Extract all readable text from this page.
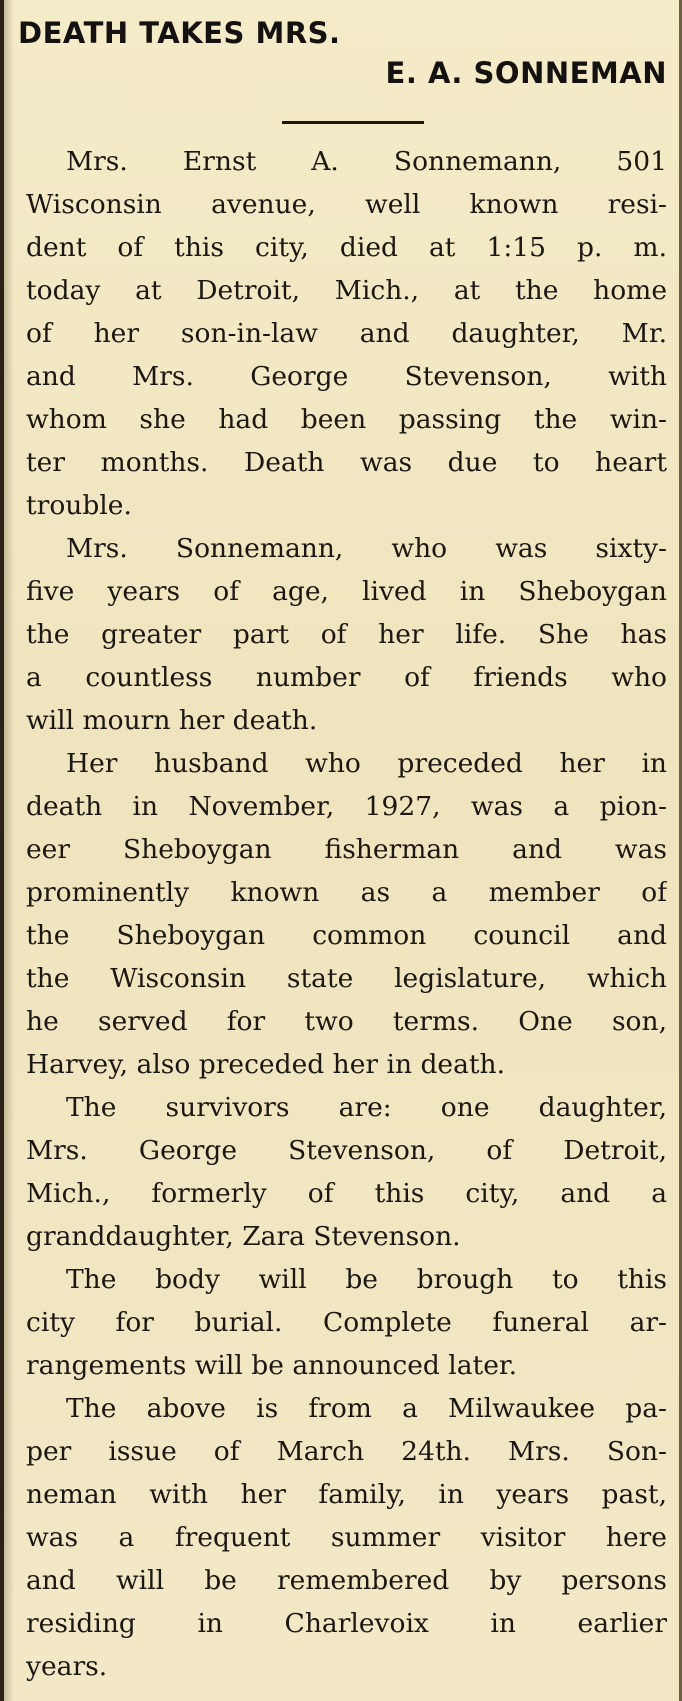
DEATH TAKES MRS.
E. A. SONNEMAN
Mrs. Ernst A. Sonnemann, 501
Wisconsin avenue, well known resi-
dent of this city, died at 1:15 p. m.
today at Detroit, Mich., at the home
of her son-in-law and daughter, Mr.
and Mrs. George Stevenson, with
whom she had been passing the win-
ter months. Death was due to heart
trouble.
Mrs. Sonnemann, who was sixty-
five years of age, lived in Sheboygan
the greater part of her life. She has
a countless number of friends who
will mourn her death.
Her husband who preceded her in
death in November, 1927, was a pion-
eer Sheboygan fisherman and was
prominently known as a member of
the Sheboygan common council and
the Wisconsin state legislature, which
he served for two terms. One son,
Harvey, also preceded her in death.
The survivors are: one daughter,
Mrs. George Stevenson, of Detroit,
Mich., formerly of this city, and a
granddaughter, Zara Stevenson.
The body will be brough to this
city for burial. Complete funeral ar-
rangements will be announced later.
The above is from a Milwaukee pa-
per issue of March 24th. Mrs. Son-
neman with her family, in years past,
was a frequent summer visitor here
and will be remembered by persons
residing in Charlevoix in earlier
years.
